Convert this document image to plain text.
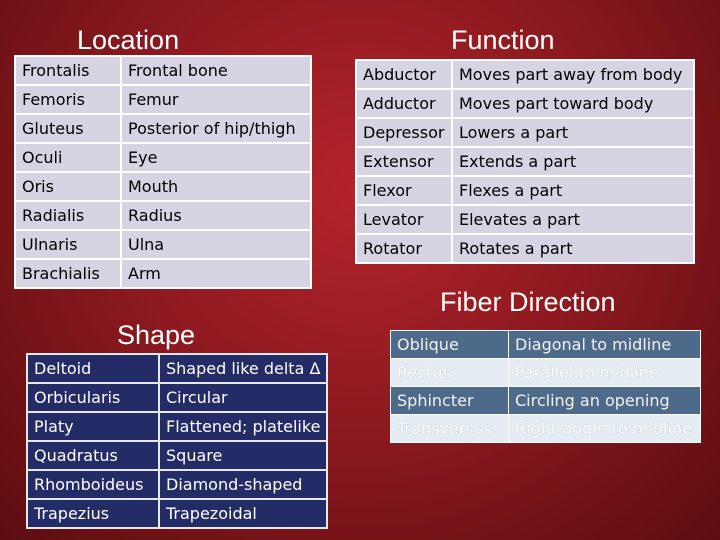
Location	Function
Shape
Fiber Direction
Frontalis	Frontal bone
Femoris	Femur
Gluteus	Posterior of hip/thigh
Oculi	Eye
Oris	Mouth
Radialis	Radius
Ulnaris	Ulna
Brachialis	Arm
Abductor	Moves part away from body
Adductor	Moves part toward body
Depressor	Lowers a part
Extensor	Extends a part
Flexor	Flexes a part
Levator	Elevates a part
Rotator	Rotates a part
Deltoid	Shaped like delta Δ
Orbicularis	Circular
Platy	Flattened; platelike
Quadratus	Square
Rhomboideus	Diamond-shaped
Trapezius	Trapezoidal
Oblique	Diagonal to midline
Rectus	Parallel to midline
Sphincter	Circling an opening
Transversus	Right angle to midline
